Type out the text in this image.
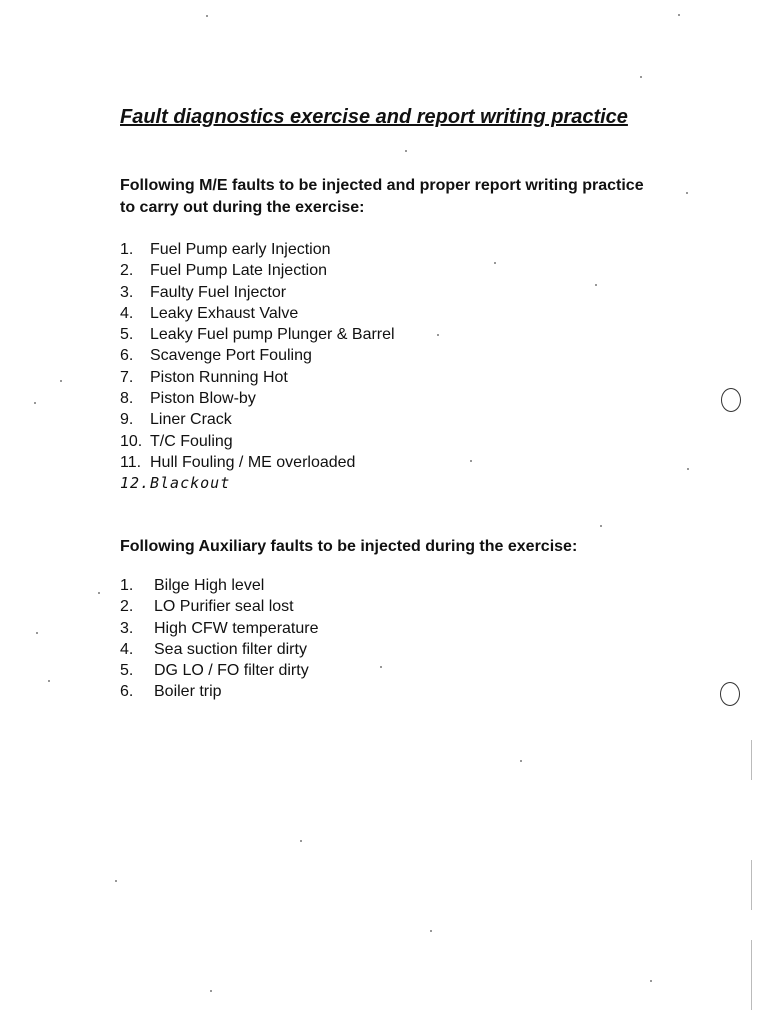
Fault diagnostics exercise and report writing practice
Following M/E faults to be injected and proper report writing practice to carry out during the exercise:
1. Fuel Pump early Injection
2. Fuel Pump Late Injection
3. Faulty Fuel Injector
4. Leaky Exhaust Valve
5. Leaky Fuel pump Plunger & Barrel
6. Scavenge Port Fouling
7. Piston Running Hot
8. Piston Blow-by
9. Liner Crack
10. T/C Fouling
11. Hull Fouling / ME overloaded
12.Blackout
Following Auxiliary faults to be injected during the exercise:
1. Bilge High level
2. LO Purifier seal lost
3. High CFW temperature
4. Sea suction filter dirty
5. DG LO / FO filter dirty
6. Boiler trip
